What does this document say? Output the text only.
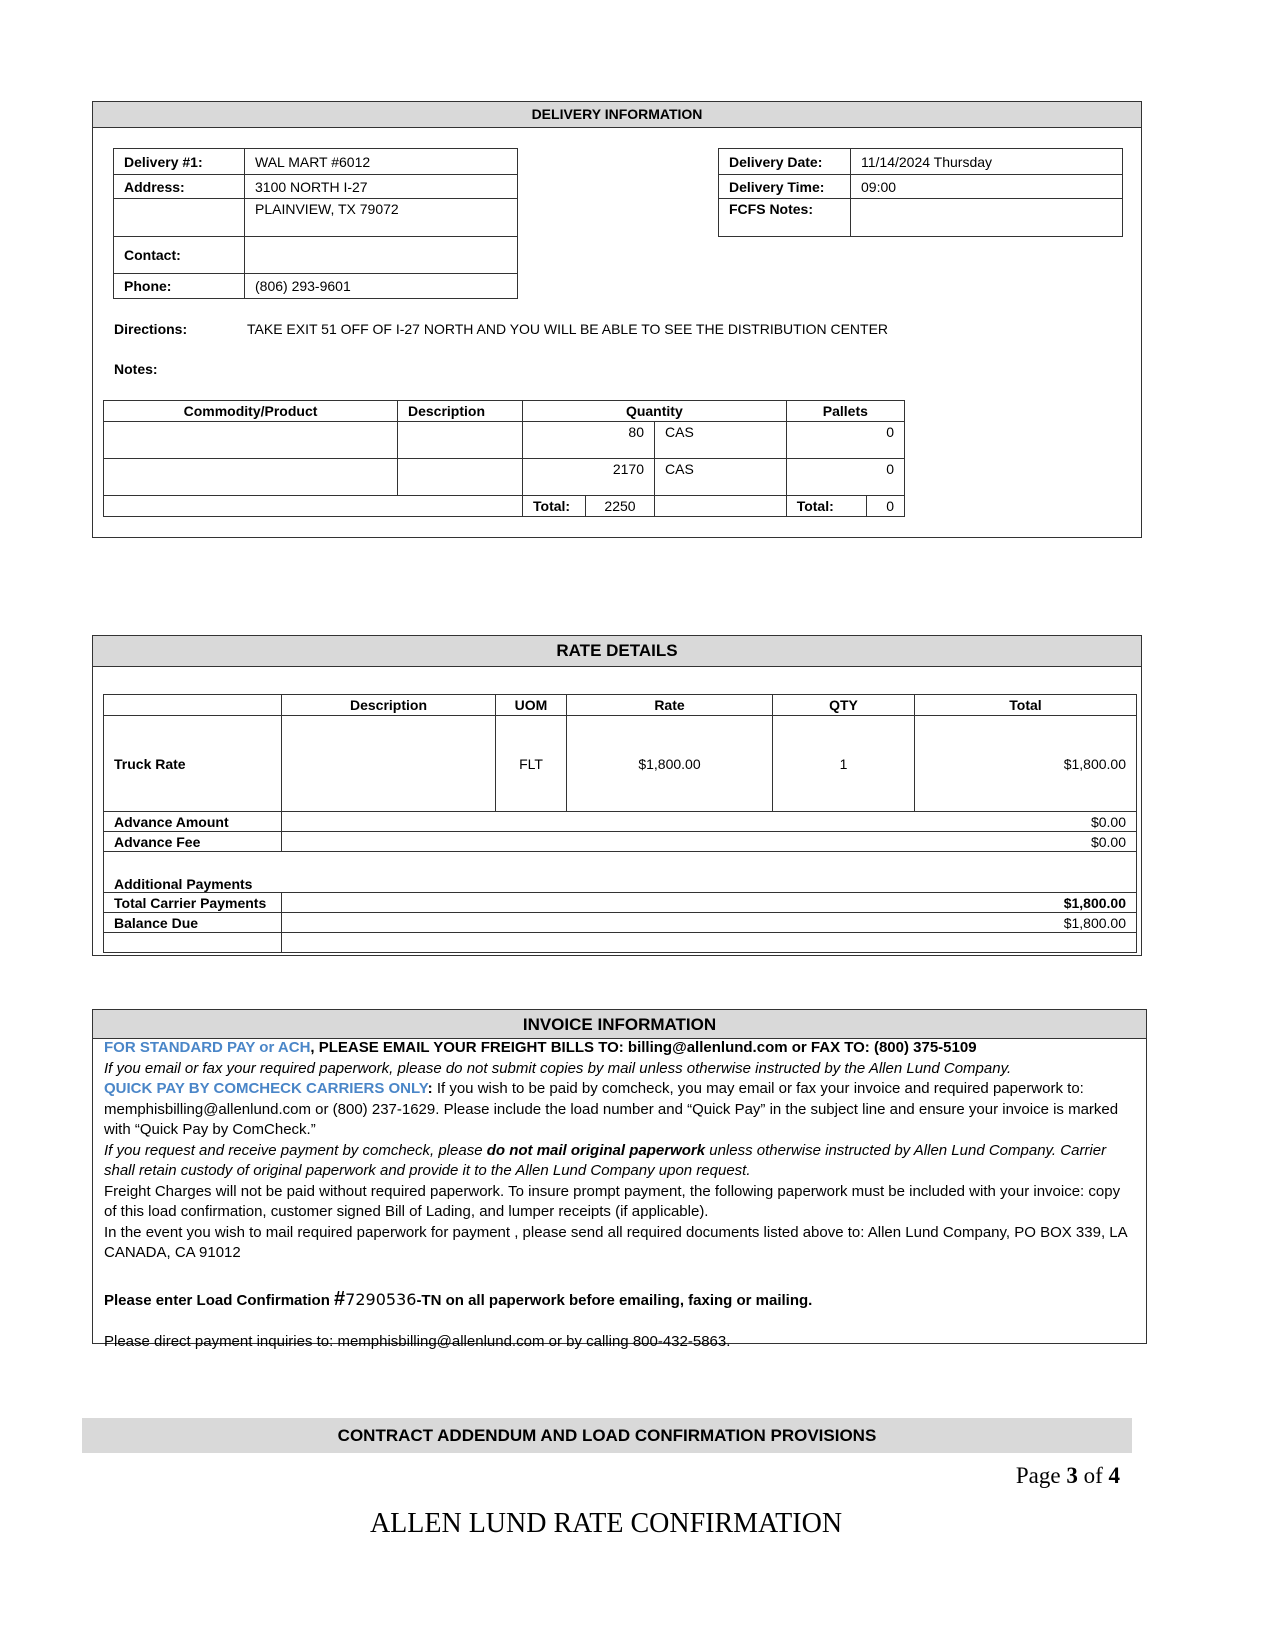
DELIVERY INFORMATION
Delivery #1:	WAL MART #6012
Address:	3100 NORTH I-27
	PLAINVIEW, TX 79072
Contact:	
Phone:	(806) 293-9601
Delivery Date:	11/14/2024 Thursday
Delivery Time:	09:00
FCFS Notes:	
Directions:	TAKE EXIT 51 OFF OF I-27 NORTH AND YOU WILL BE ABLE TO SEE THE DISTRIBUTION CENTER
Notes:
Commodity/Product	Description	Quantity			Pallets	
		80		CAS	0	
		2170		CAS	0	
		Total:	2250		Total:	0
RATE DETAILS
	Description	UOM	Rate	QTY	Total
Truck Rate		FLT	$1,800.00	1	$1,800.00
Advance Amount	$0.00				
Advance Fee	$0.00				
Additional Payments					
Total Carrier Payments	$1,800.00				
Balance Due	$1,800.00				

INVOICE INFORMATION
FOR STANDARD PAY or ACH, PLEASE EMAIL YOUR FREIGHT BILLS TO: billing@allenlund.com or FAX TO: (800) 375-5109
If you email or fax your required paperwork, please do not submit copies by mail unless otherwise instructed by the Allen Lund Company.
QUICK PAY BY COMCHECK CARRIERS ONLY: If you wish to be paid by comcheck, you may email or fax your invoice and required paperwork to: memphisbilling@allenlund.com or (800) 237-1629. Please include the load number and “Quick Pay” in the subject line and ensure your invoice is marked with “Quick Pay by ComCheck.”
If you request and receive payment by comcheck, please do not mail original paperwork unless otherwise instructed by Allen Lund Company. Carrier shall retain custody of original paperwork and provide it to the Allen Lund Company upon request.
Freight Charges will not be paid without required paperwork. To insure prompt payment, the following paperwork must be included with your invoice: copy of this load confirmation, customer signed Bill of Lading, and lumper receipts (if applicable).
In the event you wish to mail required paperwork for payment , please send all required documents listed above to: Allen Lund Company, PO BOX 339, LA CANADA, CA 91012
Please enter Load Confirmation #7290536-TN on all paperwork before emailing, faxing or mailing.
Please direct payment inquiries to: memphisbilling@allenlund.com or by calling 800-432-5863.
CONTRACT ADDENDUM AND LOAD CONFIRMATION PROVISIONS
Page 3 of 4
ALLEN LUND RATE CONFIRMATION
